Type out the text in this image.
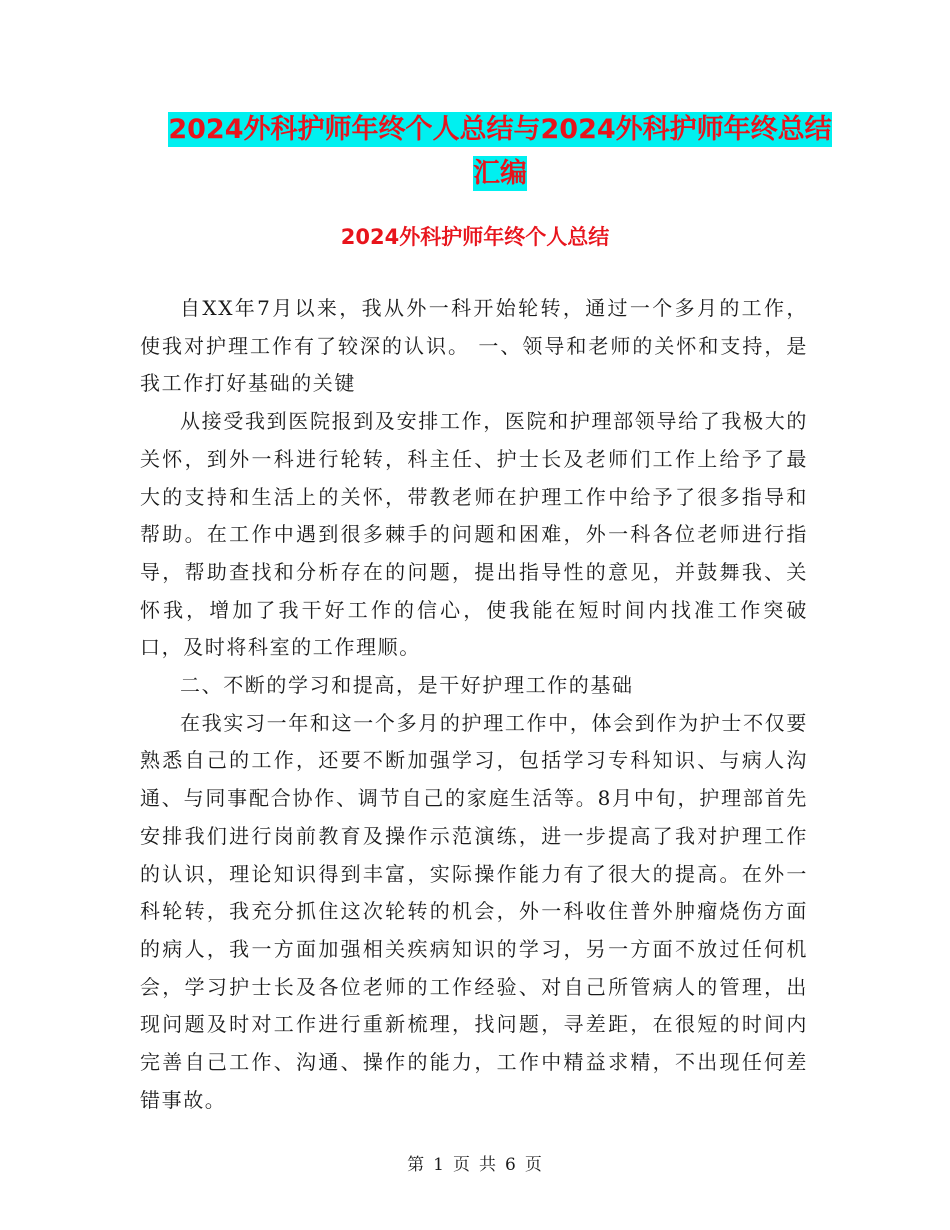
2024外科护师年终个人总结与2024外科护师年终总结
汇编
2024外科护师年终个人总结

自XX年7月以来，我从外一科开始轮转，通过一个多月的工作，使我对护理工作有了较深的认识。 一、领导和老师的关怀和支持，是我工作打好基础的关键

从接受我到医院报到及安排工作，医院和护理部领导给了我极大的关怀，到外一科进行轮转，科主任、护士长及老师们工作上给予了最大的支持和生活上的关怀，带教老师在护理工作中给予了很多指导和帮助。在工作中遇到很多棘手的问题和困难，外一科各位老师进行指导，帮助查找和分析存在的问题，提出指导性的意见，并鼓舞我、关怀我，增加了我干好工作的信心，使我能在短时间内找准工作突破口，及时将科室的工作理顺。

二、不断的学习和提高，是干好护理工作的基础

在我实习一年和这一个多月的护理工作中，体会到作为护士不仅要熟悉自己的工作，还要不断加强学习，包括学习专科知识、与病人沟通、与同事配合协作、调节自己的家庭生活等。8月中旬，护理部首先安排我们进行岗前教育及操作示范演练，进一步提高了我对护理工作的认识，理论知识得到丰富，实际操作能力有了很大的提高。在外一科轮转，我充分抓住这次轮转的机会，外一科收住普外肿瘤烧伤方面的病人，我一方面加强相关疾病知识的学习，另一方面不放过任何机会，学习护士长及各位老师的工作经验、对自己所管病人的管理，出现问题及时对工作进行重新梳理，找问题，寻差距，在很短的时间内完善自己工作、沟通、操作的能力，工作中精益求精，不出现任何差错事故。

第 1 页 共 6 页
